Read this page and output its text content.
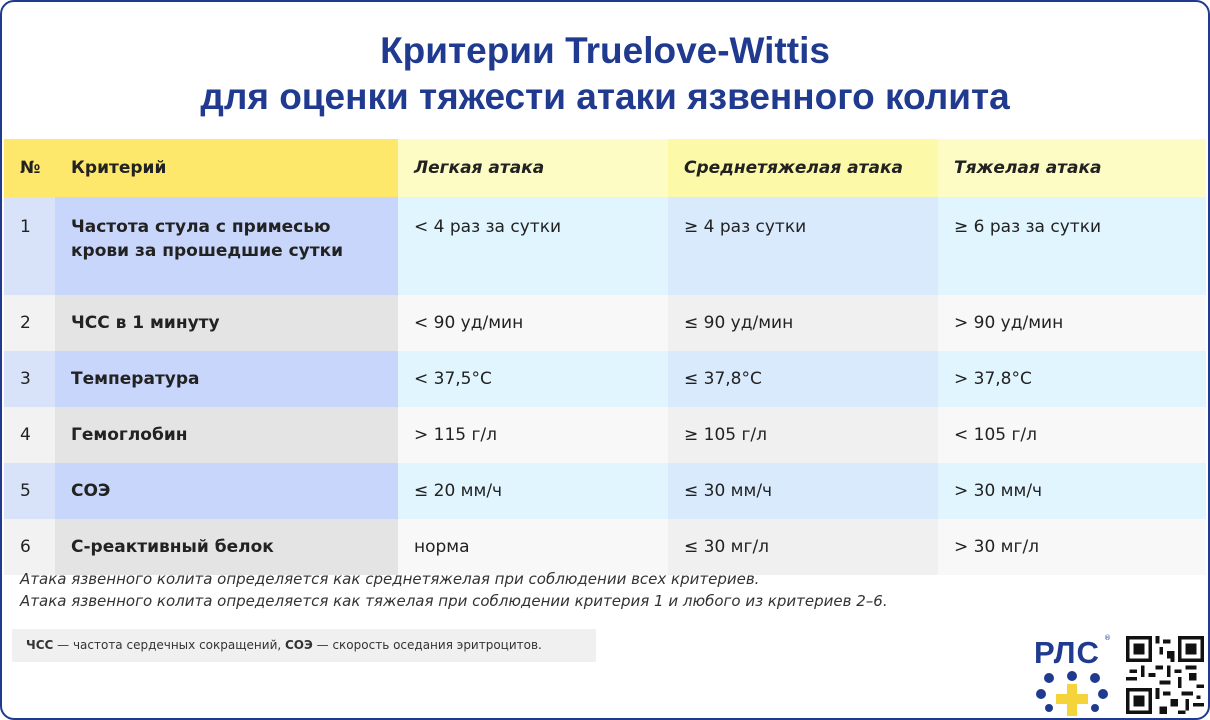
Критерии Truelove-Wittis
для оценки тяжести атаки язвенного колита
№	Критерий	Легкая атака	Среднетяжелая атака	Тяжелая атака
1	Частота стула с примесью крови за прошедшие сутки	< 4 раз за сутки	≥ 4 раз сутки	≥ 6 раз за сутки
2	ЧСС в 1 минуту	< 90 уд/мин	≤ 90 уд/мин	> 90 уд/мин
3	Температура	< 37,5°С	≤ 37,8°С	> 37,8°С
4	Гемоглобин	> 115 г/л	≥ 105 г/л	< 105 г/л
5	СОЭ	≤ 20 мм/ч	≤ 30 мм/ч	> 30 мм/ч
6	С-реактивный белок	норма	≤ 30 мг/л	> 30 мг/л
Атака язвенного колита определяется как среднетяжелая при соблюдении всех критериев.
Атака язвенного колита определяется как тяжелая при соблюдении критерия 1 и любого из критериев 2–6.
ЧСС — частота сердечных сокращений, СОЭ — скорость оседания эритроцитов.	РЛС ®
